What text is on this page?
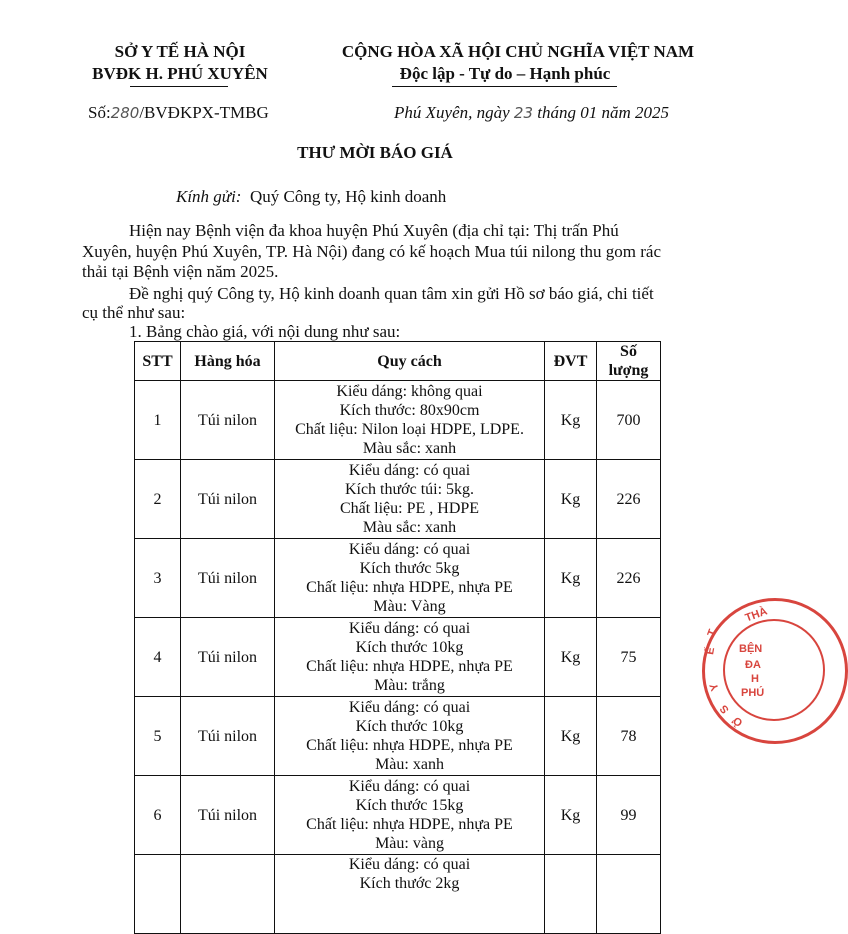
SỞ Y TẾ HÀ NỘI
BVĐK H. PHÚ XUYÊN
CỘNG HÒA XÃ HỘI CHỦ NGHĨA VIỆT NAM
Độc lập - Tự do – Hạnh phúc
Số:280/BVĐKPX-TMBG	Phú Xuyên, ngày 23 tháng 01 năm 2025
THƯ MỜI BÁO GIÁ
Kính gửi: Quý Công ty, Hộ kinh doanh
Hiện nay Bệnh viện đa khoa huyện Phú Xuyên (địa chỉ tại: Thị trấn Phú
Xuyên, huyện Phú Xuyên, TP. Hà Nội) đang có kế hoạch Mua túi nilong thu gom rác
thải tại Bệnh viện năm 2025.
Đề nghị quý Công ty, Hộ kinh doanh quan tâm xin gửi Hồ sơ báo giá, chi tiết
cụ thể như sau:
1. Bảng chào giá, với nội dung như sau:
STT	Hàng hóa	Quy cách	ĐVT	Số
lượng
1	Túi nilon	Kiểu dáng: không quai
Kích thước: 80x90cm
Chất liệu: Nilon loại HDPE, LDPE.
Màu sắc: xanh	Kg	700
2	Túi nilon	Kiểu dáng: có quai
Kích thước túi: 5kg.
Chất liệu: PE , HDPE
Màu sắc: xanh	Kg	226
3	Túi nilon	Kiểu dáng: có quai
Kích thước 5kg
Chất liệu: nhựa HDPE, nhựa PE
Màu: Vàng	Kg	226
4	Túi nilon	Kiểu dáng: có quai
Kích thước 10kg
Chất liệu: nhựa HDPE, nhựa PE
Màu: trắng	Kg	75
5	Túi nilon	Kiểu dáng: có quai
Kích thước 10kg
Chất liệu: nhựa HDPE, nhựa PE
Màu: xanh	Kg	78
6	Túi nilon	Kiểu dáng: có quai
Kích thước 15kg
Chất liệu: nhựa HDPE, nhựa PE
Màu: vàng	Kg	99

		Kiểu dáng: có quai
Kích thước 2kg		

THÀ
BỆN
ĐA
H
PHÚ
T
Ế
Y
S
Ở
